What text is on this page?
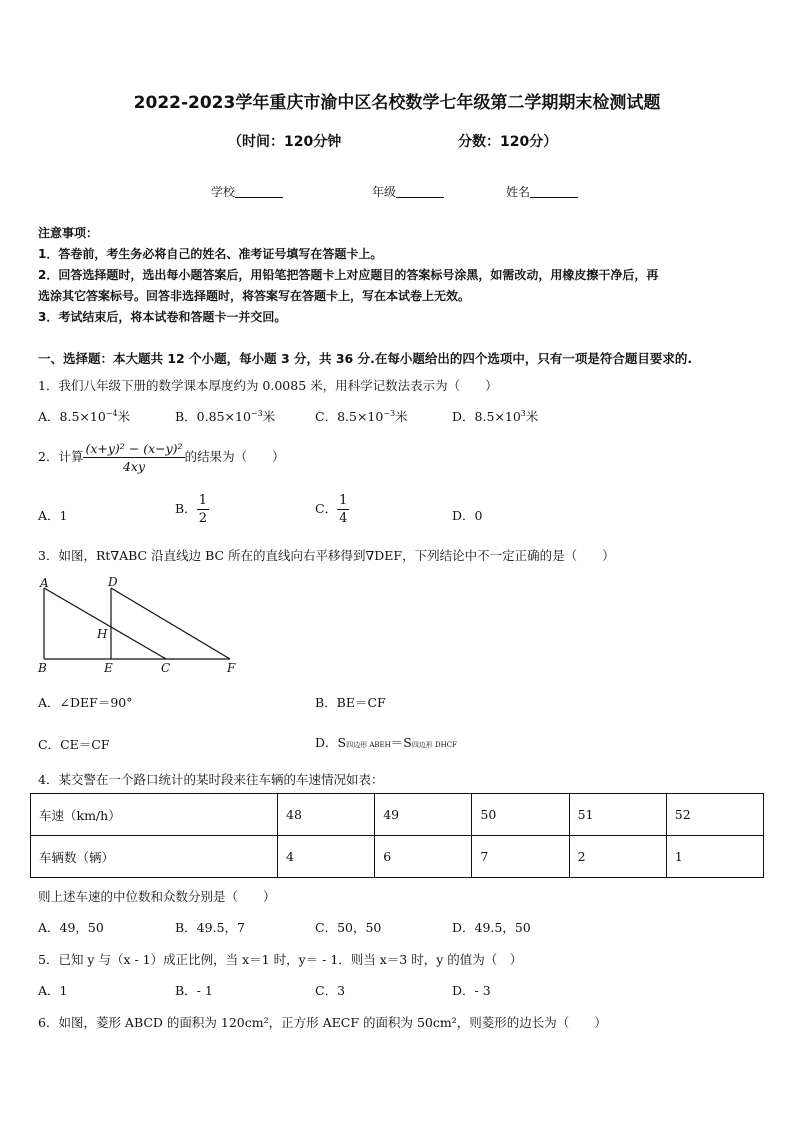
2022-2023学年重庆市渝中区名校数学七年级第二学期期末检测试题
（时间：120分钟	分数：120分）
学校	年级	姓名
注意事项：
1．答卷前，考生务必将自己的姓名、准考证号填写在答题卡上。
2．回答选择题时，选出每小题答案后，用铅笔把答题卡上对应题目的答案标号涂黑，如需改动，用橡皮擦干净后，再
选涂其它答案标号。回答非选择题时，将答案写在答题卡上，写在本试卷上无效。
3．考试结束后，将本试卷和答题卡一并交回。
一、选择题：本大题共 12 个小题，每小题 3 分，共 36 分.在每小题给出的四个选项中，只有一项是符合题目要求的.
1．我们八年级下册的数学课本厚度约为 0.0085 米，用科学记数法表示为（　　）
A．$8.5\times 10^{-4}$米	B．$0.85\times 10^{-3}$米	C．$8.5\times 10^{-3}$米	D．$8.5\times 10^3$米
2．计算 $\frac{\text{(x+y)² − (x−y)²}}{4xy}$ 的结果为（　　）
A．1	B． $\frac{1}{2}$	C． $\frac{1}{4}$	D．0
3．如图，Rt∇ABC 沿直线边 BC 所在的直线向右平移得到∇DEF，下列结论中不一定正确的是（　　）
A	D
H
B	E	C	F
A．∠DEF＝90°	B．BE＝CF
C．CE＝CF	D．S四边形 ABEH＝S四边形 DHCF
4．某交警在一个路口统计的某时段来往车辆的车速情况如表：
车速（km/h）	48	49	50	51	52
车辆数（辆）	4	6	7	2	1
则上述车速的中位数和众数分别是（　　）
A．49，50	B．49.5，7	C．50，50	D．49.5，50
5．已知 y 与（x - 1）成正比例，当 x＝1 时，y＝ - 1．则当 x＝3 时，y 的值为（　）
A．1	B．- 1	C．3	D．- 3
6．如图，菱形 ABCD 的面积为 120cm²，正方形 AECF 的面积为 50cm²，则菱形的边长为（　　）
